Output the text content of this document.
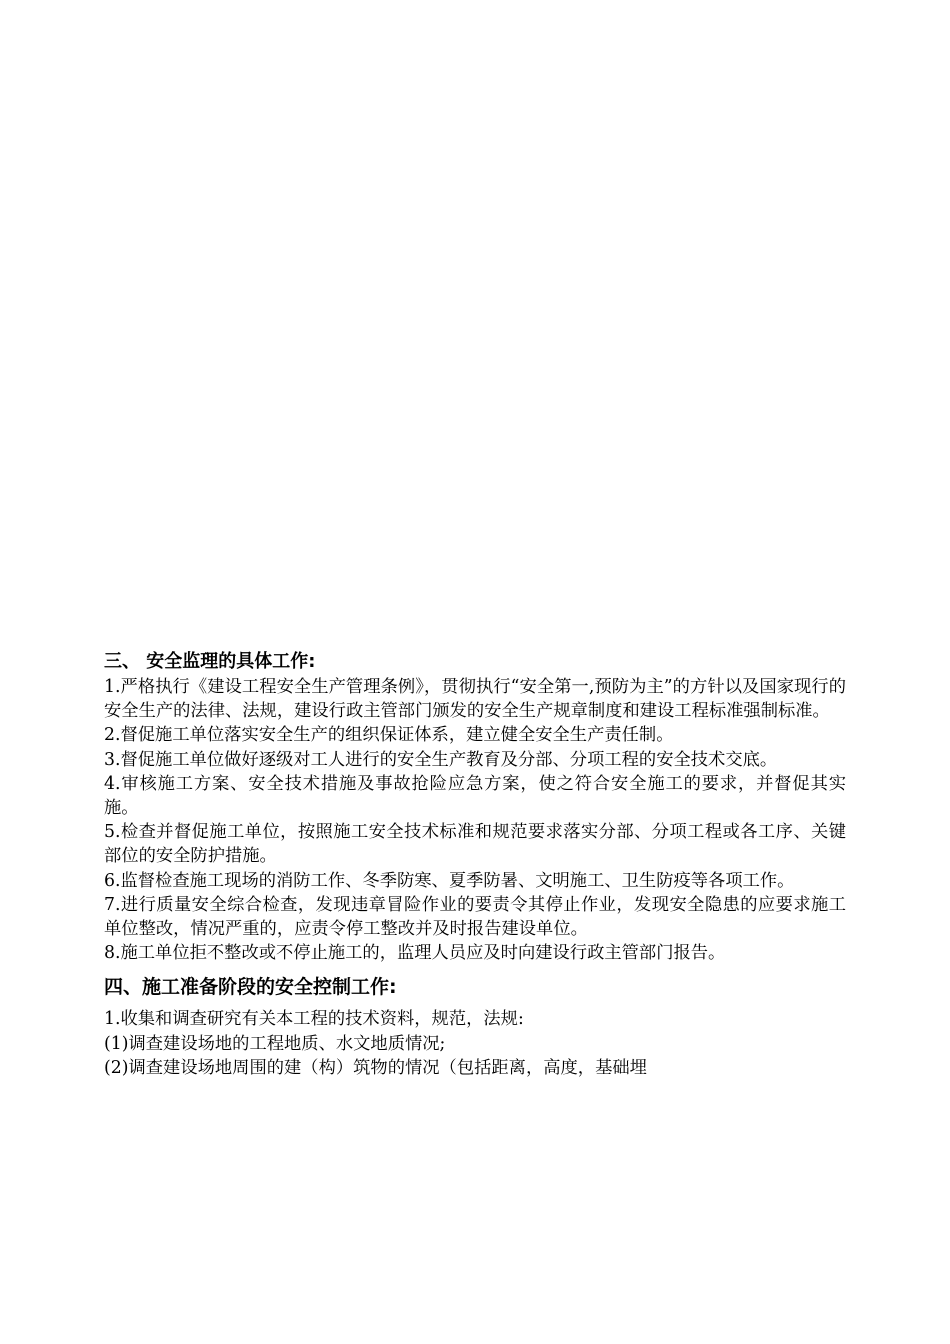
三、 安全监理的具体工作:

1.严格执行《建设工程安全生产管理条例》，贯彻执行“安全第一,预防为主”的方针以及国家现行的安全生产的法律、法规，建设行政主管部门颁发的安全生产规章制度和建设工程标准强制标准。

2.督促施工单位落实安全生产的组织保证体系，建立健全安全生产责任制。

3.督促施工单位做好逐级对工人进行的安全生产教育及分部、分项工程的安全技术交底。

4.审核施工方案、安全技术措施及事故抢险应急方案，使之符合安全施工的要求，并督促其实施。

5.检查并督促施工单位，按照施工安全技术标准和规范要求落实分部、分项工程或各工序、关键部位的安全防护措施。

6.监督检查施工现场的消防工作、冬季防寒、夏季防暑、文明施工、卫生防疫等各项工作。

7.进行质量安全综合检查，发现违章冒险作业的要责令其停止作业，发现安全隐患的应要求施工单位整改，情况严重的，应责令停工整改并及时报告建设单位。

8.施工单位拒不整改或不停止施工的，监理人员应及时向建设行政主管部门报告。

四、施工准备阶段的安全控制工作:

1.收集和调查研究有关本工程的技术资料，规范，法规:

(1)调查建设场地的工程地质、水文地质情况;

(2)调查建设场地周围的建（构）筑物的情况（包括距离，高度，基础埋
